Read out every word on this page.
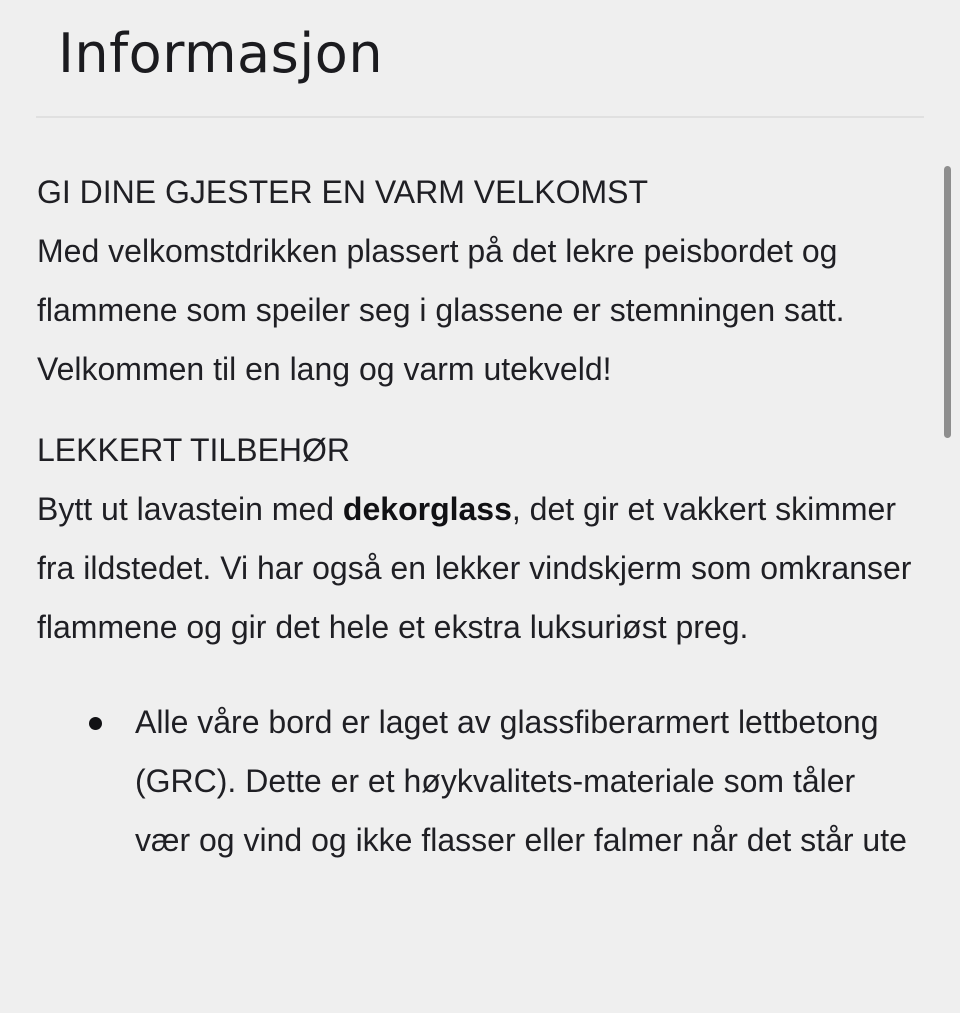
Informasjon
GI DINE GJESTER EN VARM VELKOMST
Med velkomstdrikken plassert på det lekre peisbordet og flammene som speiler seg i glassene er stemningen satt. Velkommen til en lang og varm utekveld!
LEKKERT TILBEHØR
Bytt ut lavastein med dekorglass, det gir et vakkert skimmer fra ildstedet. Vi har også en lekker vindskjerm som omkranser flammene og gir det hele et ekstra luksuriøst preg.
Alle våre bord er laget av glassfiberarmert lettbetong (GRC). Dette er et høykvalitets-materiale som tåler vær og vind og ikke flasser eller falmer når det står ute
